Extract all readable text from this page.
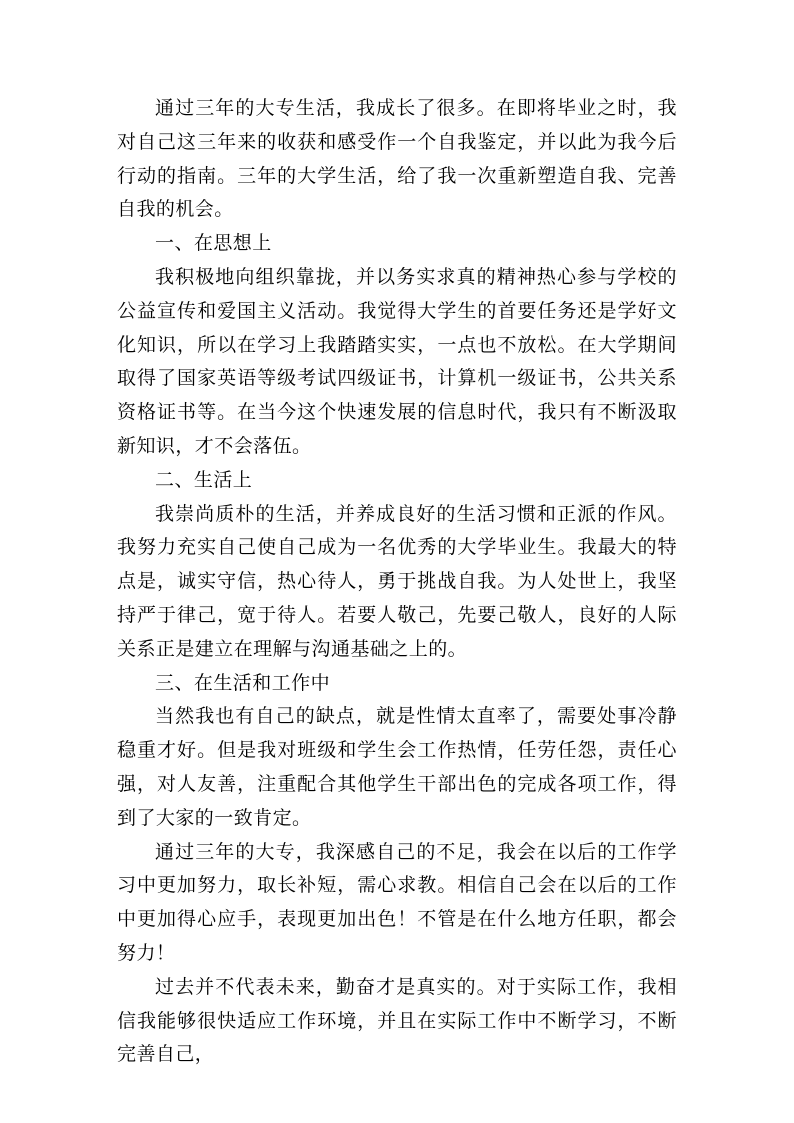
通过三年的大专生活，我成长了很多。在即将毕业之时，我对自己这三年来的收获和感受作一个自我鉴定，并以此为我今后行动的指南。三年的大学生活，给了我一次重新塑造自我、完善自我的机会。

一、在思想上

我积极地向组织靠拢，并以务实求真的精神热心参与学校的公益宣传和爱国主义活动。我觉得大学生的首要任务还是学好文化知识，所以在学习上我踏踏实实，一点也不放松。在大学期间取得了国家英语等级考试四级证书，计算机一级证书，公共关系资格证书等。在当今这个快速发展的信息时代，我只有不断汲取新知识，才不会落伍。

二、生活上

我崇尚质朴的生活，并养成良好的生活习惯和正派的作风。我努力充实自己使自己成为一名优秀的大学毕业生。我最大的特点是，诚实守信，热心待人，勇于挑战自我。为人处世上，我坚持严于律己，宽于待人。若要人敬己，先要己敬人，良好的人际关系正是建立在理解与沟通基础之上的。

三、在生活和工作中

当然我也有自己的缺点，就是性情太直率了，需要处事冷静稳重才好。但是我对班级和学生会工作热情，任劳任怨，责任心强，对人友善，注重配合其他学生干部出色的完成各项工作，得到了大家的一致肯定。

通过三年的大专，我深感自己的不足，我会在以后的工作学习中更加努力，取长补短，需心求教。相信自己会在以后的工作中更加得心应手，表现更加出色！不管是在什么地方任职，都会努力！

过去并不代表未来，勤奋才是真实的。对于实际工作，我相信我能够很快适应工作环境，并且在实际工作中不断学习，不断完善自己，
